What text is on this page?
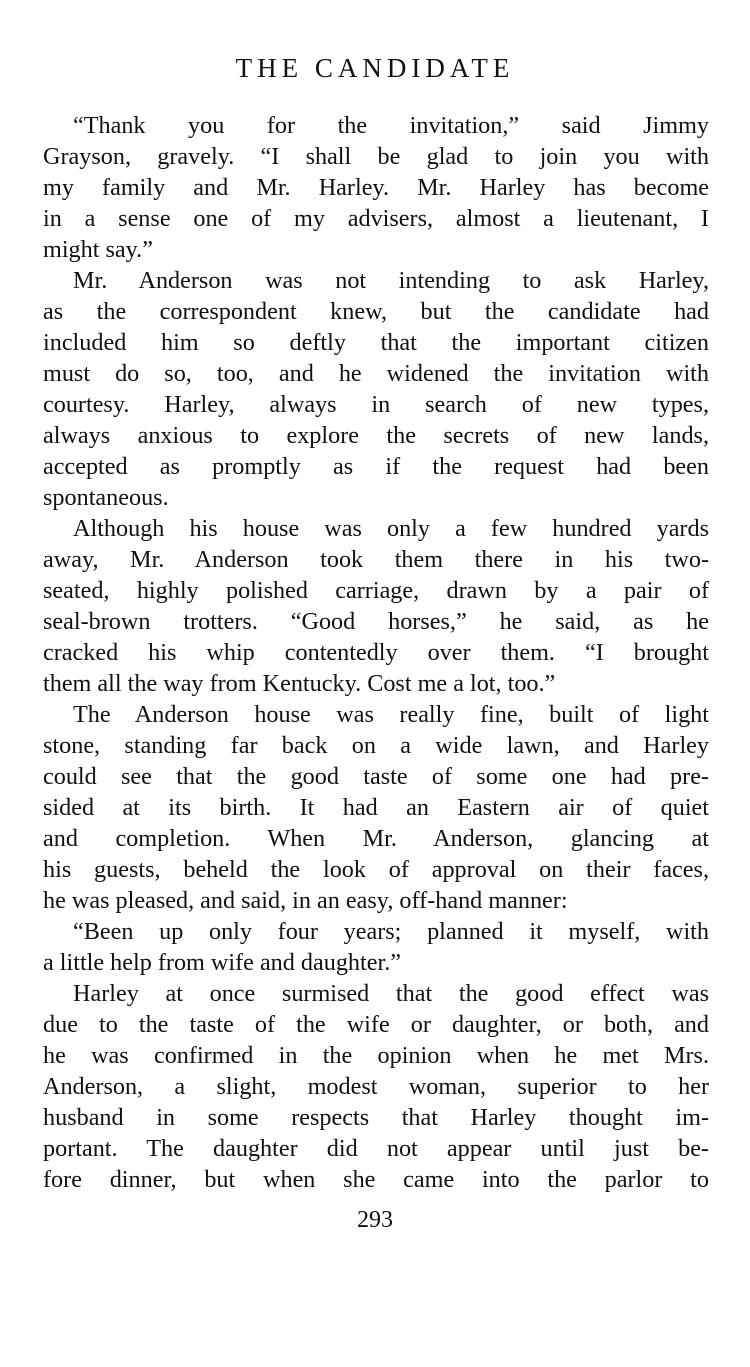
THE CANDIDATE
“Thank you for the invitation,” said Jimmy
Grayson, gravely. “I shall be glad to join you with
my family and Mr. Harley. Mr. Harley has become
in a sense one of my advisers, almost a lieutenant, I
might say.”
Mr. Anderson was not intending to ask Harley,
as the correspondent knew, but the candidate had
included him so deftly that the important citizen
must do so, too, and he widened the invitation with
courtesy. Harley, always in search of new types,
always anxious to explore the secrets of new lands,
accepted as promptly as if the request had been
spontaneous.
Although his house was only a few hundred yards
away, Mr. Anderson took them there in his two-
seated, highly polished carriage, drawn by a pair of
seal-brown trotters. “Good horses,” he said, as he
cracked his whip contentedly over them. “I brought
them all the way from Kentucky. Cost me a lot, too.”
The Anderson house was really fine, built of light
stone, standing far back on a wide lawn, and Harley
could see that the good taste of some one had pre-
sided at its birth. It had an Eastern air of quiet
and completion. When Mr. Anderson, glancing at
his guests, beheld the look of approval on their faces,
he was pleased, and said, in an easy, off-hand manner:
“Been up only four years; planned it myself, with
a little help from wife and daughter.”
Harley at once surmised that the good effect was
due to the taste of the wife or daughter, or both, and
he was confirmed in the opinion when he met Mrs.
Anderson, a slight, modest woman, superior to her
husband in some respects that Harley thought im-
portant. The daughter did not appear until just be-
fore dinner, but when she came into the parlor to
293
